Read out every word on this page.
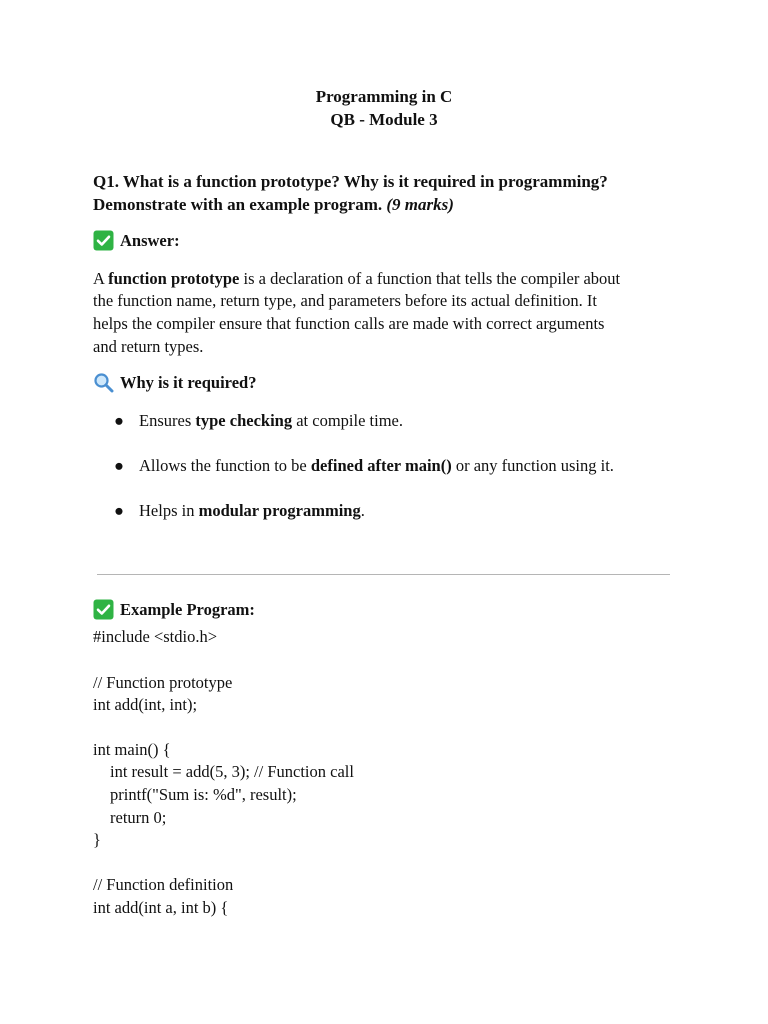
Programming in C
QB - Module 3
Q1. What is a function prototype? Why is it required in programming?
Demonstrate with an example program. (9 marks)
Answer:
A function prototype is a declaration of a function that tells the compiler about
the function name, return type, and parameters before its actual definition. It
helps the compiler ensure that function calls are made with correct arguments
and return types.
Why is it required?
● Ensures type checking at compile time.
● Allows the function to be defined after main() or any function using it.
● Helps in modular programming.
Example Program:
#include <stdio.h>
// Function prototype
int add(int, int);
int main() {
int result = add(5, 3); // Function call
printf("Sum is: %d", result);
return 0;
}
// Function definition
int add(int a, int b) {
